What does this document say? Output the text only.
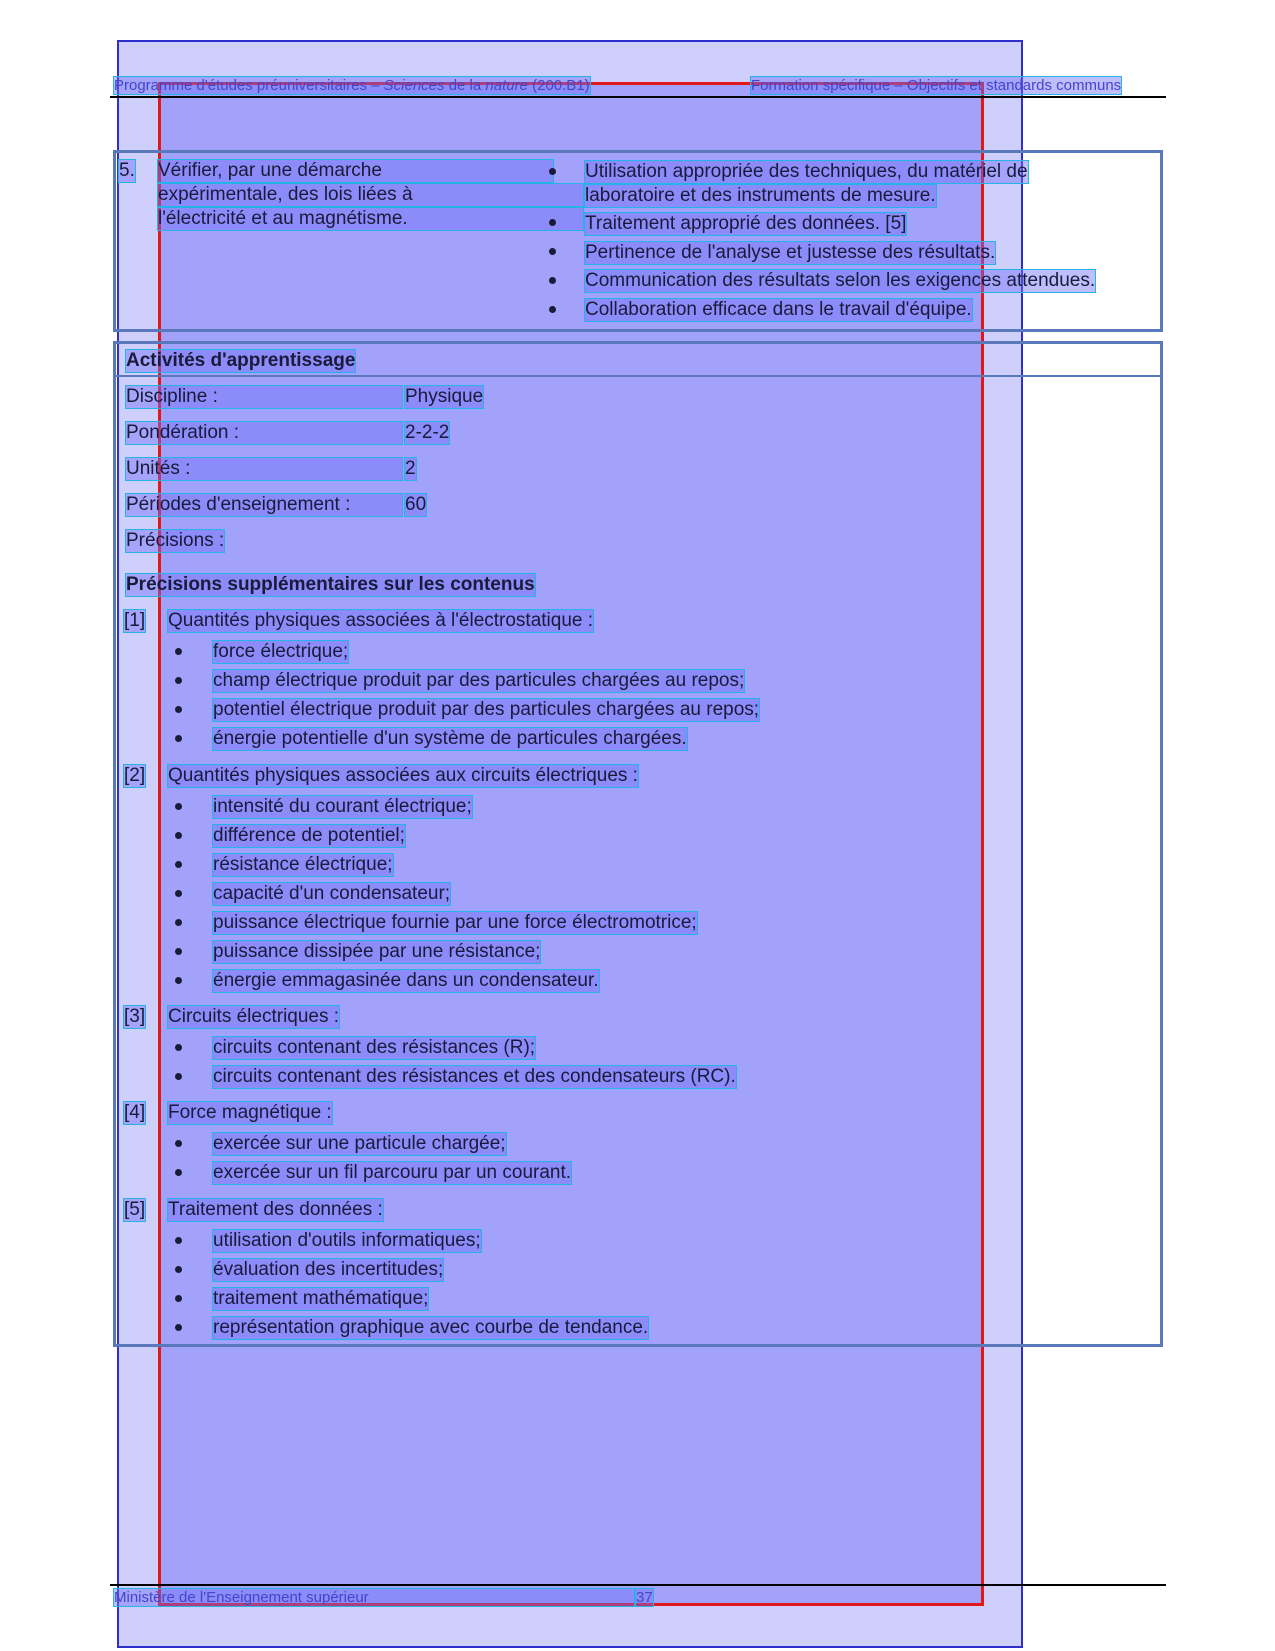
Programme d'études préuniversitaires – Sciences de la nature (200.B1)	Formation spécifique – Objectifs et standards communs
5. Vérifier, par une démarche
expérimentale, des lois liées à
l'électricité et au magnétisme.
Utilisation appropriée des techniques, du matériel de
laboratoire et des instruments de mesure.
Traitement approprié des données. [5]
Pertinence de l'analyse et justesse des résultats.
Communication des résultats selon les exigences attendues.
Collaboration efficace dans le travail d'équipe.
Activités d'apprentissage
Discipline :	Physique
Pondération :	2-2-2
Unités :	2
Périodes d'enseignement :	60
Précisions :
Précisions supplémentaires sur les contenus
[1] Quantités physiques associées à l'électrostatique :
force électrique;
champ électrique produit par des particules chargées au repos;
potentiel électrique produit par des particules chargées au repos;
énergie potentielle d'un système de particules chargées.
[2] Quantités physiques associées aux circuits électriques :
intensité du courant électrique;
différence de potentiel;
résistance électrique;
capacité d'un condensateur;
puissance électrique fournie par une force électromotrice;
puissance dissipée par une résistance;
énergie emmagasinée dans un condensateur.
[3] Circuits électriques :
circuits contenant des résistances (R);
circuits contenant des résistances et des condensateurs (RC).
[4] Force magnétique :
exercée sur une particule chargée;
exercée sur un fil parcouru par un courant.
[5] Traitement des données :
utilisation d'outils informatiques;
évaluation des incertitudes;
traitement mathématique;
représentation graphique avec courbe de tendance.
Ministère de l'Enseignement supérieur	37
